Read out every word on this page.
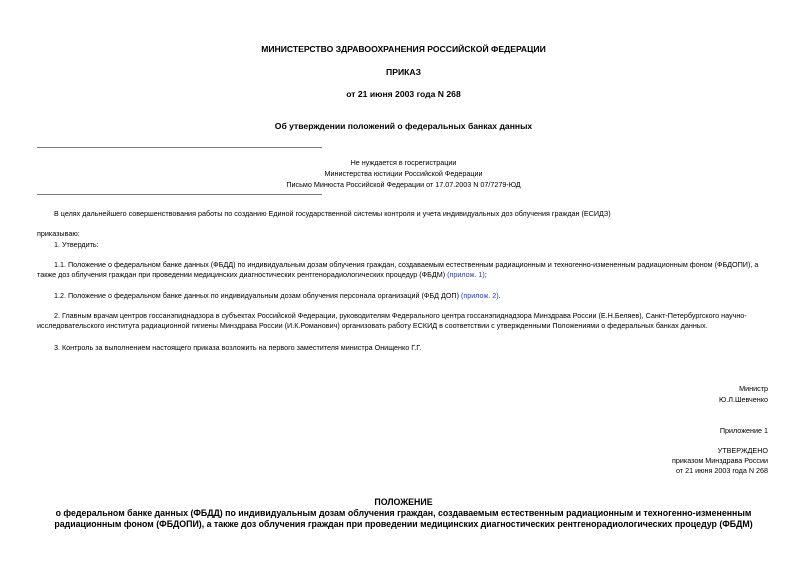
МИНИСТЕРСТВО ЗДРАВООХРАНЕНИЯ РОССИЙСКОЙ ФЕДЕРАЦИИ
ПРИКАЗ
от 21 июня 2003 года N 268
Об утверждении положений о федеральных банках данных
Не нуждается в госрегистрации
Министерства юстиции Российской Федерации
Письмо Минюста Российской Федерации от 17.07.2003 N 07/7279-ЮД
В целях дальнейшего совершенствования работы по созданию Единой государственной системы контроля и учета индивидуальных доз облучения граждан (ЕСИДЗ)
приказываю:
1. Утвердить:
1.1. Положение о федеральном банке данных (ФБДД) по индивидуальным дозам облучения граждан, создаваемым естественным радиационным и техногенно-измененным радиационным фоном (ФБДОПИ), а также доз облучения граждан при проведении медицинских диагностических рентгенорадиологических процедур (ФБДМ) (прилож. 1);
1.2. Положение о федеральном банке данных по индивидуальным дозам облучения персонала организаций (ФБД ДОП) (прилож. 2).
2. Главным врачам центров госсанэпиднадзора в субъектах Российской Федерации, руководителям Федерального центра госсанэпиднадзора Минздрава России (Е.Н.Беляев), Санкт-Петербургского научно-исследовательского института радиационной гигиены Минздрава России (И.К.Романович) организовать работу ЕСКИД в соответствии с утвержденными Положениями о федеральных банках данных.
3. Контроль за выполнением настоящего приказа возложить на первого заместителя министра Онищенко Г.Г.
Министр
Ю.Л.Шевченко
Приложение 1
УТВЕРЖДЕНО
приказом Минздрава России
от 21 июня 2003 года N 268
ПОЛОЖЕНИЕ
о федеральном банке данных (ФБДД) по индивидуальным дозам облучения граждан, создаваемым естественным радиационным и техногенно-измененным
радиационным фоном (ФБДОПИ), а также доз облучения граждан при проведении медицинских диагностических рентгенорадиологических процедур (ФБДМ)
